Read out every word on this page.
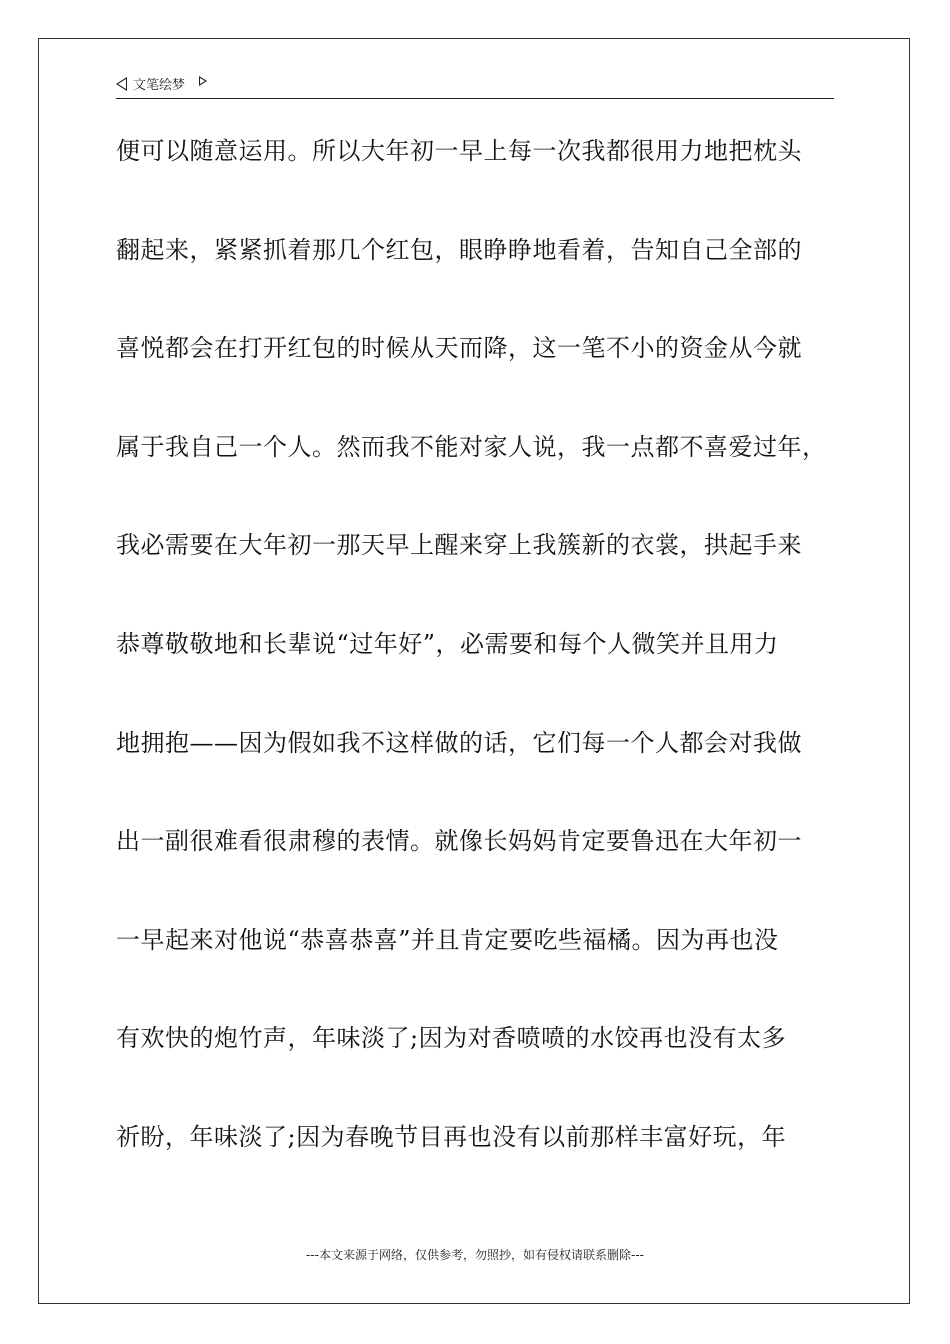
文笔绘梦
便可以随意运用。所以大年初一早上每一次我都很用力地把枕头
翻起来，紧紧抓着那几个红包，眼睁睁地看着，告知自己全部的
喜悦都会在打开红包的时候从天而降，这一笔不小的资金从今就
属于我自己一个人。然而我不能对家人说，我一点都不喜爱过年，
我必需要在大年初一那天早上醒来穿上我簇新的衣裳，拱起手来
恭尊敬敬地和长辈说“过年好”，必需要和每个人微笑并且用力
地拥抱——因为假如我不这样做的话，它们每一个人都会对我做
出一副很难看很肃穆的表情。就像长妈妈肯定要鲁迅在大年初一
一早起来对他说“恭喜恭喜”并且肯定要吃些福橘。因为再也没
有欢快的炮竹声，年味淡了;因为对香喷喷的水饺再也没有太多
祈盼，年味淡了;因为春晚节目再也没有以前那样丰富好玩，年
---本文来源于网络，仅供参考，勿照抄，如有侵权请联系删除---
